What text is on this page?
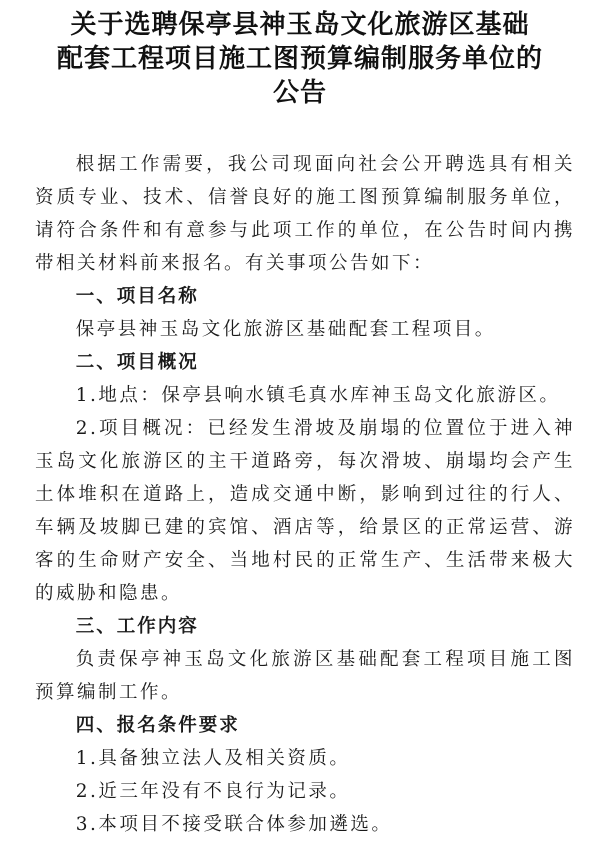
关于选聘保亭县神玉岛文化旅游区基础
配套工程项目施工图预算编制服务单位的
公告

根据工作需要，我公司现面向社会公开聘选具有相关资质专业、技术、信誉良好的施工图预算编制服务单位，请符合条件和有意参与此项工作的单位，在公告时间内携带相关材料前来报名。有关事项公告如下：

一、项目名称

保亭县神玉岛文化旅游区基础配套工程项目。

二、项目概况

1.地点：保亭县响水镇毛真水库神玉岛文化旅游区。

2.项目概况：已经发生滑坡及崩塌的位置位于进入神玉岛文化旅游区的主干道路旁，每次滑坡、崩塌均会产生土体堆积在道路上，造成交通中断，影响到过往的行人、车辆及坡脚已建的宾馆、酒店等，给景区的正常运营、游客的生命财产安全、当地村民的正常生产、生活带来极大的威胁和隐患。

三、工作内容

负责保亭神玉岛文化旅游区基础配套工程项目施工图预算编制工作。

四、报名条件要求

1.具备独立法人及相关资质。

2.近三年没有不良行为记录。

3.本项目不接受联合体参加遴选。
